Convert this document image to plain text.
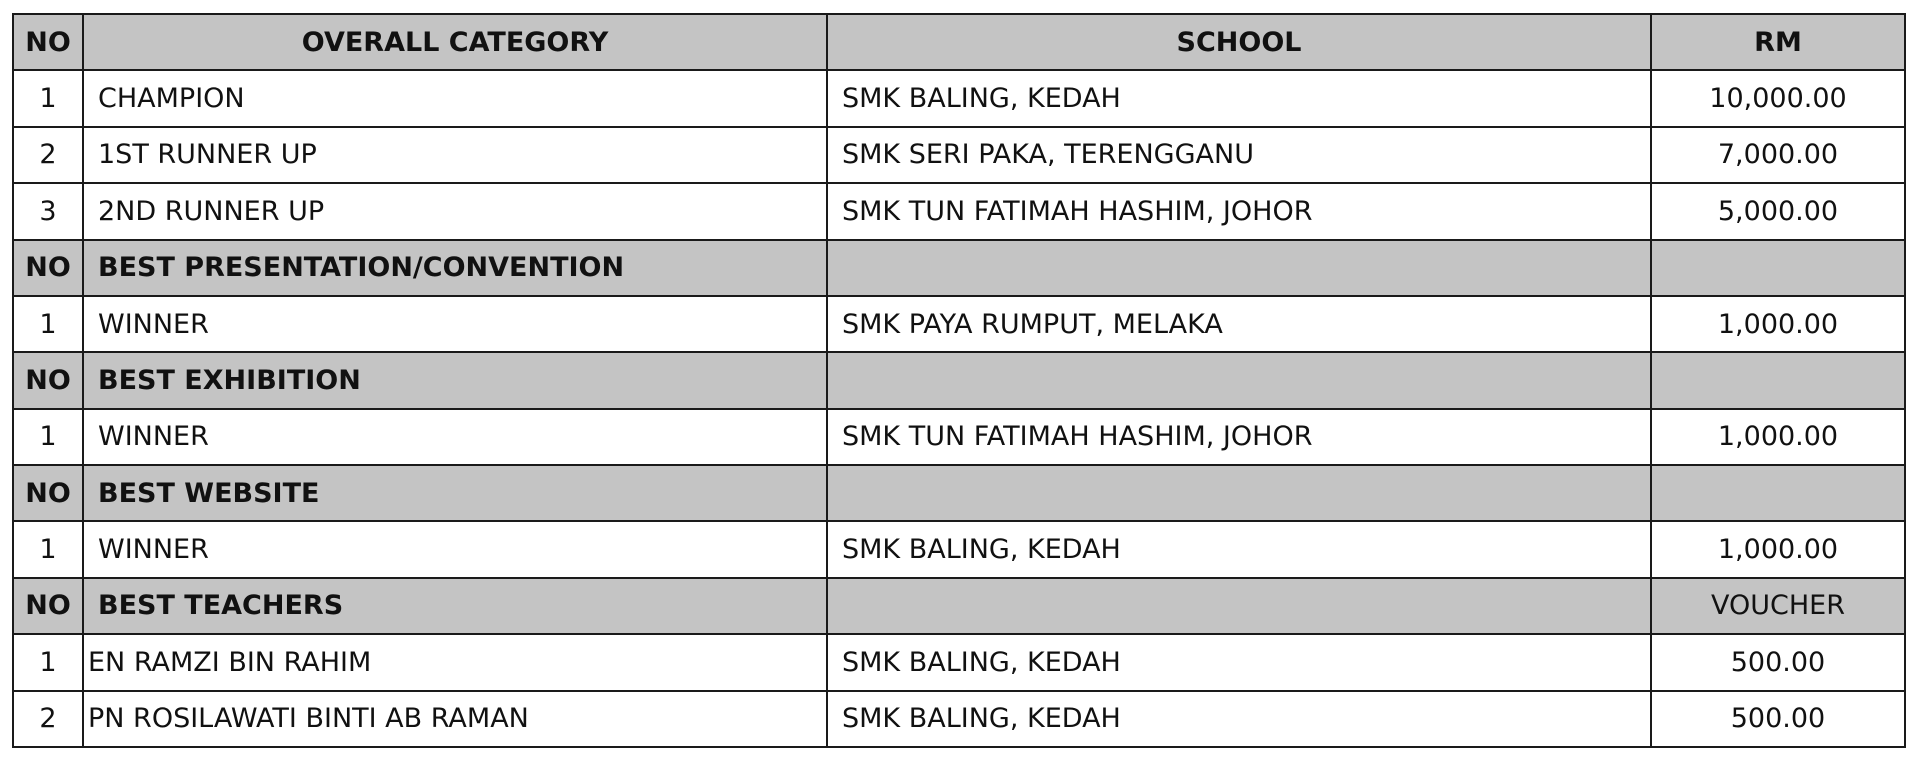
NO	OVERALL CATEGORY	SCHOOL	RM
1	CHAMPION	SMK BALING, KEDAH	10,000.00
2	1ST RUNNER UP	SMK SERI PAKA, TERENGGANU	7,000.00
3	2ND RUNNER UP	SMK TUN FATIMAH HASHIM, JOHOR	5,000.00
NO	BEST PRESENTATION/CONVENTION		
1	WINNER	SMK PAYA RUMPUT, MELAKA	1,000.00
NO	BEST EXHIBITION		
1	WINNER	SMK TUN FATIMAH HASHIM, JOHOR	1,000.00
NO	BEST WEBSITE		
1	WINNER	SMK BALING, KEDAH	1,000.00
NO	BEST TEACHERS		VOUCHER
1	EN RAMZI BIN RAHIM	SMK BALING, KEDAH	500.00
2	PN ROSILAWATI BINTI AB RAMAN	SMK BALING, KEDAH	500.00
